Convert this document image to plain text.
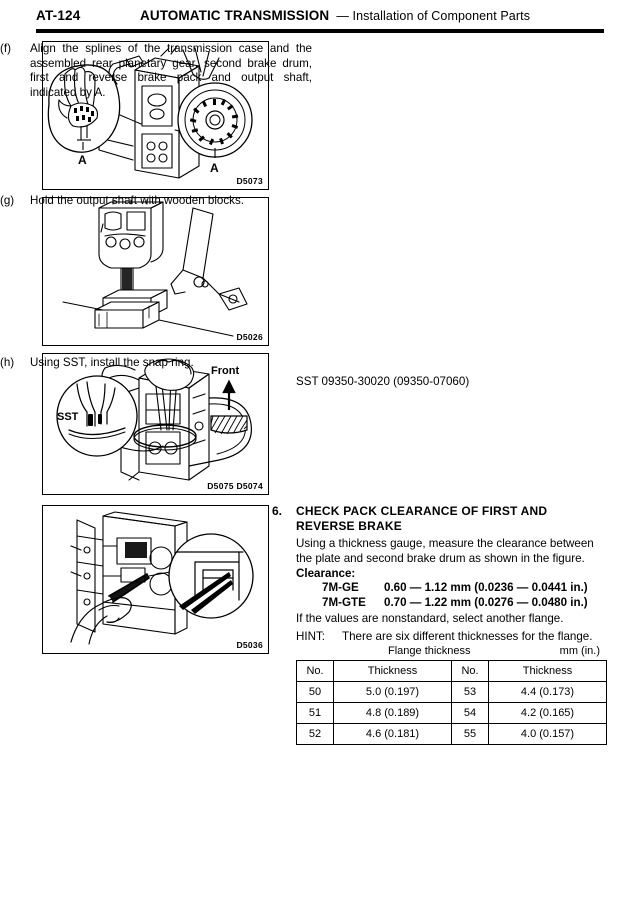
AT-124	AUTOMATIC TRANSMISSION — Installation of Component Parts
A
A
D5073
D5026
SST
Front
D5075 D5074
D5036
(f)	Align the splines of the transmission case and the assembled rear planetary gear, second brake drum, first and reverse brake pack and output shaft, indicated by A.
(g)	Hold the output shaft with wooden blocks.
(h)	Using SST, install the snap ring.
SST 09350-30020 (09350-07060)
6. CHECK PACK CLEARANCE OF FIRST AND REVERSE BRAKE
Using a thickness gauge, measure the clearance between the plate and second brake drum as shown in the figure.
Clearance:
7M-GE 0.60 — 1.12 mm (0.0236 — 0.0441 in.)
7M-GTE 0.70 — 1.22 mm (0.0276 — 0.0480 in.)
If the values are nonstandard, select another flange.
HINT:	There are six different thicknesses for the flange.
Flange thickness	mm (in.)
No.	Thickness	No.	Thickness
50	5.0 (0.197)	53	4.4 (0.173)
51	4.8 (0.189)	54	4.2 (0.165)
52	4.6 (0.181)	55	4.0 (0.157)
